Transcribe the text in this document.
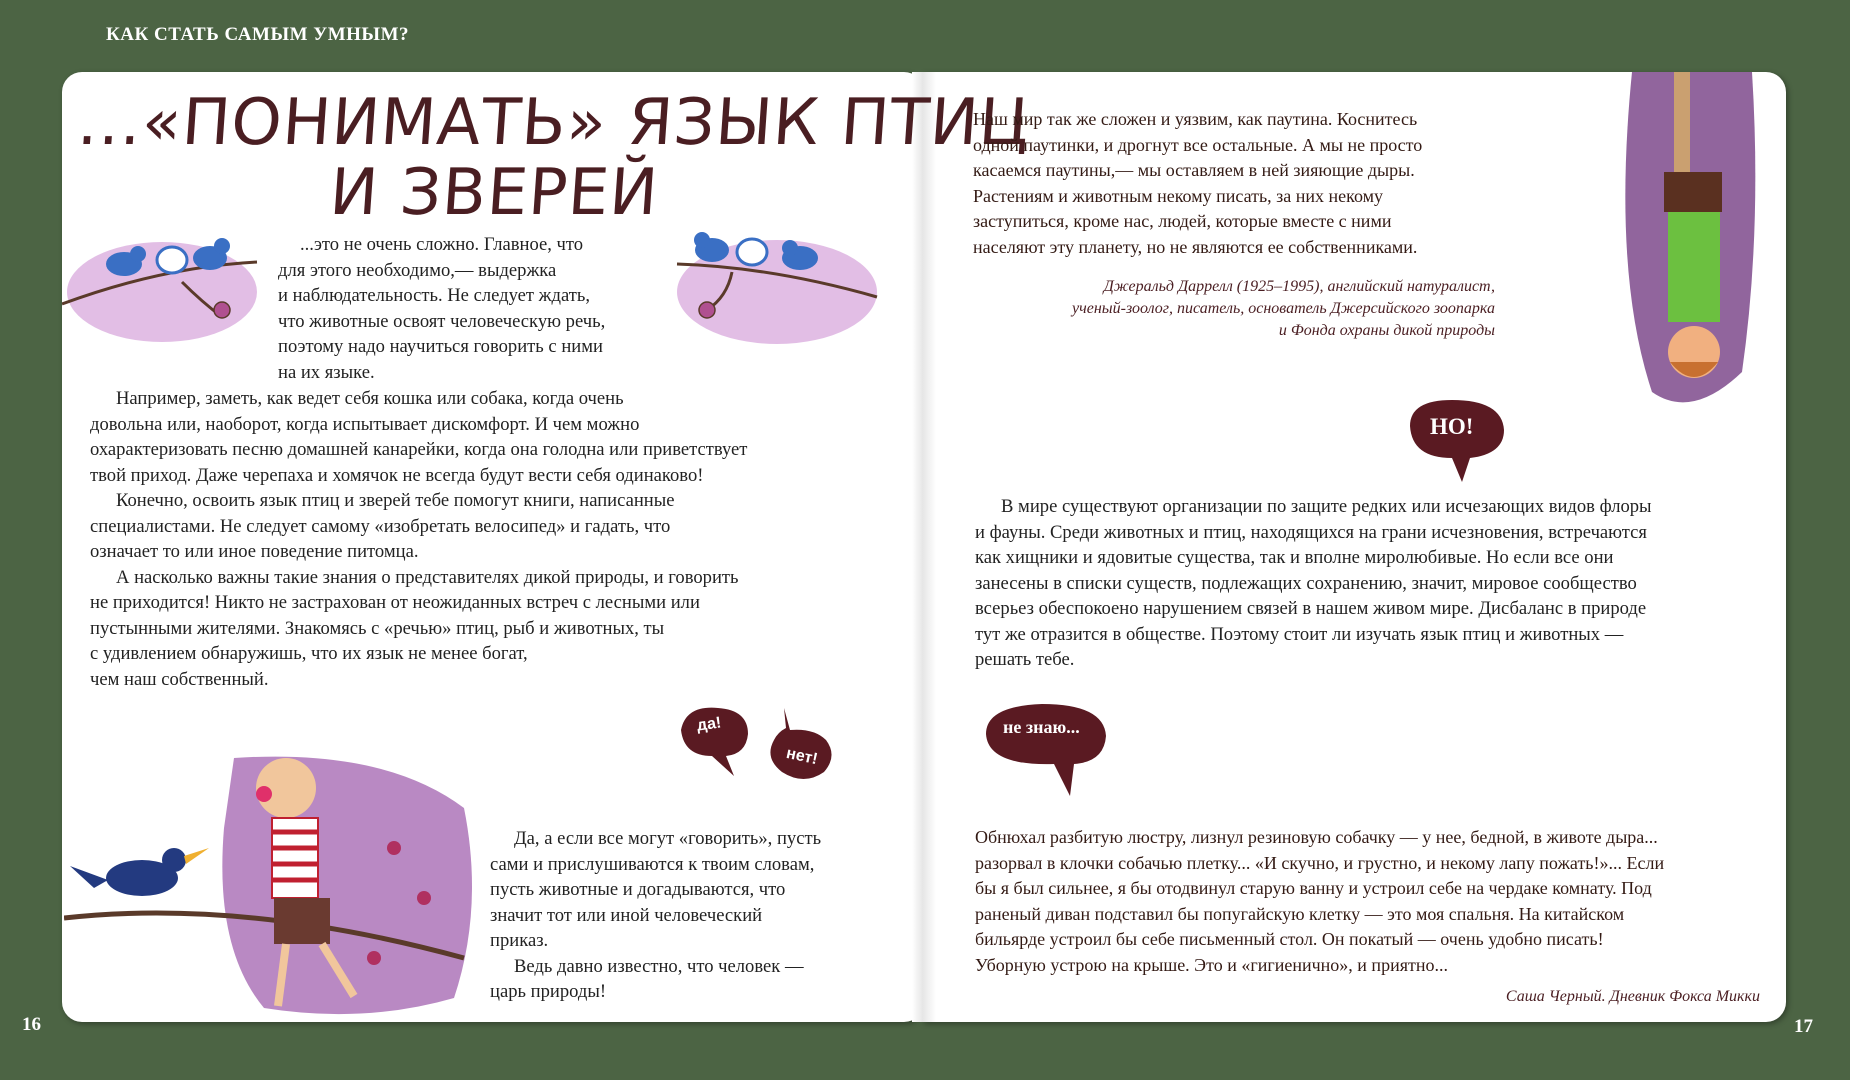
КАК СТАТЬ САМЫМ УМНЫМ?
...«ПОНИМАТЬ» ЯЗЫК ПТИЦ
И ЗВЕРЕЙ

...это не очень сложно. Главное, что

для этого необходимо,— выдержка

и наблюдательность. Не следует ждать,

что животные освоят человеческую речь,

поэтому надо научиться говорить с ними

на их языке.

Например, заметь, как ведет себя кошка или собака, когда очень

довольна или, наоборот, когда испытывает дискомфорт. И чем можно

охарактеризовать песню домашней канарейки, когда она голодна или приветствует

твой приход. Даже черепаха и хомячок не всегда будут вести себя одинаково!

Конечно, освоить язык птиц и зверей тебе помогут книги, написанные

специалистами. Не следует самому «изобретать велосипед» и гадать, что

означает то или иное поведение питомца.

А насколько важны такие знания о представителях дикой природы, и говорить

не приходится! Никто не застрахован от неожиданных встреч с лесными или

пустынными жителями. Знакомясь с «речью» птиц, рыб и животных, ты

с удивлением обнаружишь, что их язык не менее богат,

чем наш собственный.

да!
нет!

Да, а если все могут «говорить», пусть

сами и прислушиваются к твоим словам,

пусть животные и догадываются, что

значит тот или иной человеческий

приказ.

Ведь давно известно, что человек —

царь природы!

16

Наш мир так же сложен и уязвим, как паутина. Коснитесь

одной паутинки, и дрогнут все остальные. А мы не просто

касаемся паутины,— мы оставляем в ней зияющие дыры.

Растениям и животным некому писать, за них некому

заступиться, кроме нас, людей, которые вместе с ними

населяют эту планету, но не являются ее собственниками.

Джеральд Даррелл (1925–1995), английский натуралист,
ученый-зоолог, писатель, основатель Джерсийского зоопарка
и Фонда охраны дикой природы
НО!

В мире существуют организации по защите редких или исчезающих видов флоры

и фауны. Среди животных и птиц, находящихся на грани исчезновения, встречаются

как хищники и ядовитые существа, так и вполне миролюбивые. Но если все они

занесены в списки существ, подлежащих сохранению, значит, мировое сообщество

всерьез обеспокоено нарушением связей в нашем живом мире. Дисбаланс в природе

тут же отразится в обществе. Поэтому стоит ли изучать язык птиц и животных —

решать тебе.

не знаю...

Обнюхал разбитую люстру, лизнул резиновую собачку — у нее, бедной, в животе дыра...

разорвал в клочки собачью плетку... «И скучно, и грустно, и некому лапу пожать!»... Если

бы я был сильнее, я бы отодвинул старую ванну и устроил себе на чердаке комнату. Под

раненый диван подставил бы попугайскую клетку — это моя спальня. На китайском

бильярде устроил бы себе письменный стол. Он покатый — очень удобно писать!

Уборную устрою на крыше. Это и «гигиенично», и приятно...

Саша Черный. Дневник Фокса Микки
17
